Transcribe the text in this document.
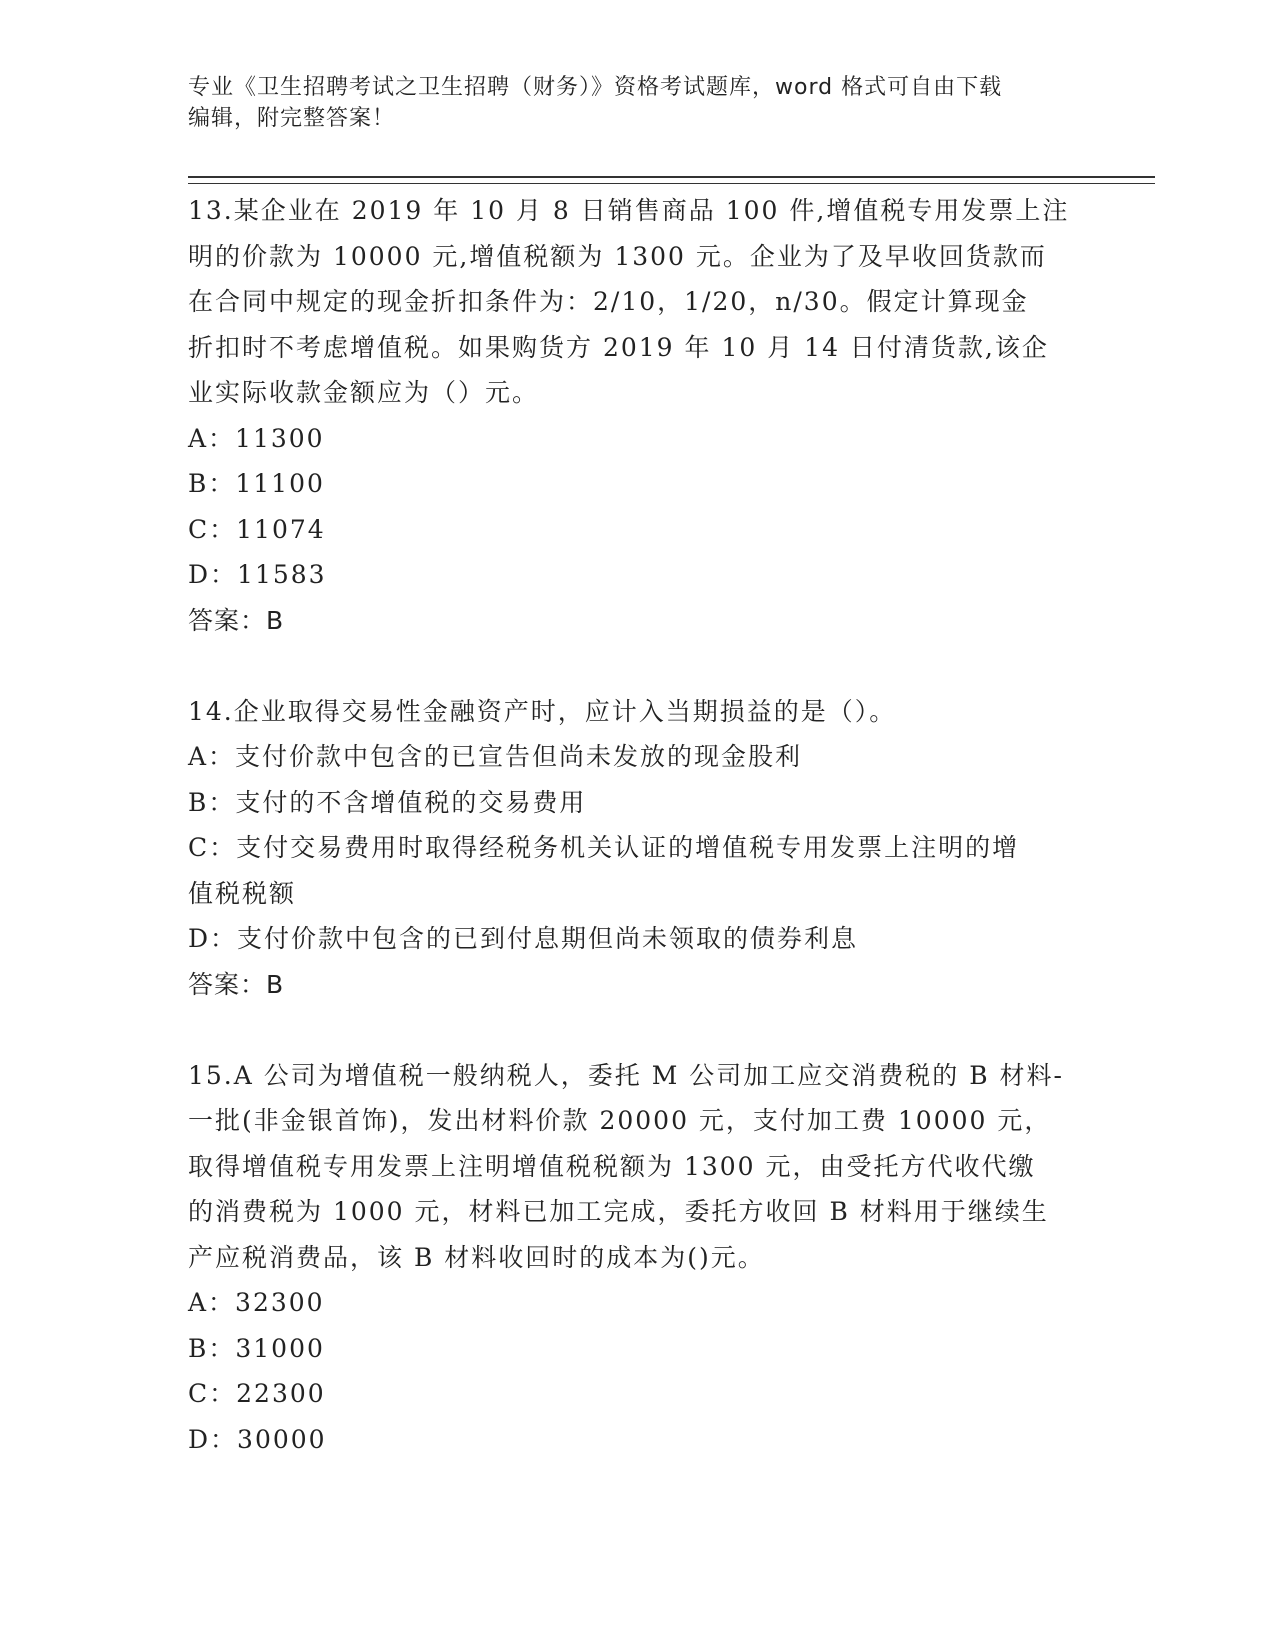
专业《卫生招聘考试之卫生招聘（财务）》资格考试题库，word 格式可自由下载
编辑，附完整答案！
13.某企业在 2019 年 10 月 8 日销售商品 100 件,增值税专用发票上注
明的价款为 10000 元,增值税额为 1300 元。企业为了及早收回货款而
在合同中规定的现金折扣条件为：2/10，1/20，n/30。假定计算现金
折扣时不考虑增值税。如果购货方 2019 年 10 月 14 日付清货款,该企
业实际收款金额应为（）元。
A：11300
B：11100
C：11074
D：11583
答案：B
14.企业取得交易性金融资产时，应计入当期损益的是（）。
A：支付价款中包含的已宣告但尚未发放的现金股利
B：支付的不含增值税的交易费用
C：支付交易费用时取得经税务机关认证的增值税专用发票上注明的增
值税税额
D：支付价款中包含的已到付息期但尚未领取的债券利息
答案：B
15.A 公司为增值税一般纳税人，委托 M 公司加工应交消费税的 B 材料-
一批(非金银首饰)，发出材料价款 20000 元，支付加工费 10000 元，
取得增值税专用发票上注明增值税税额为 1300 元，由受托方代收代缴
的消费税为 1000 元，材料已加工完成，委托方收回 B 材料用于继续生
产应税消费品，该 B 材料收回时的成本为()元。
A：32300
B：31000
C：22300
D：30000
